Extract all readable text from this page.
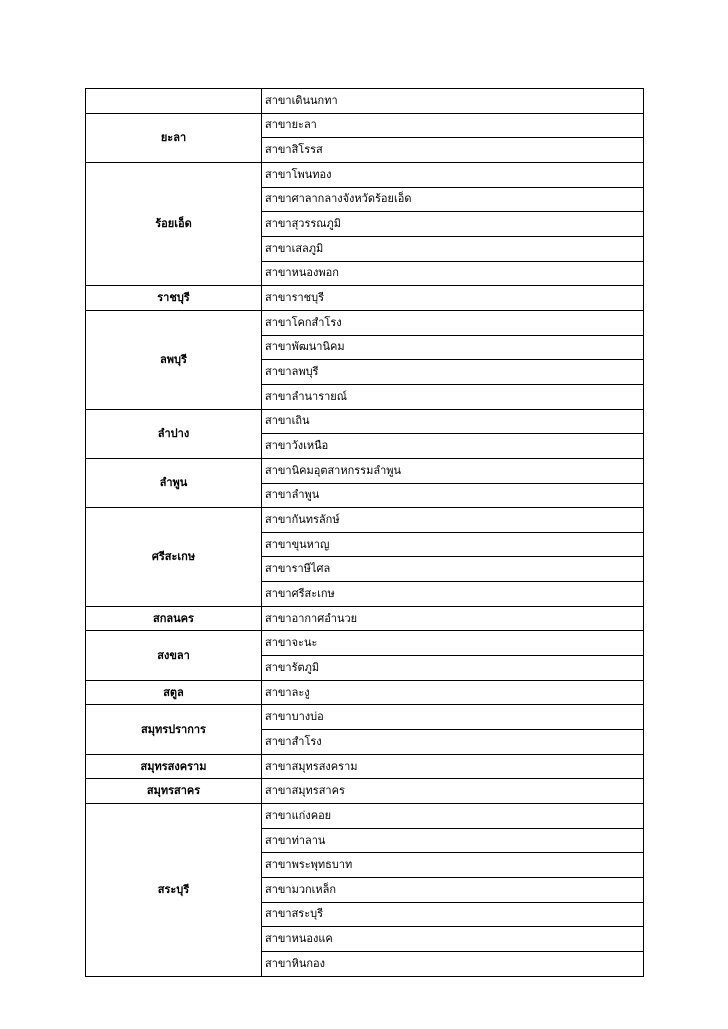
	สาขาเดินนกทา
ยะลา	สาขายะลา
	สาขาสิโรรส
ร้อยเอ็ด	สาขาโพนทอง
	สาขาศาลากลางจังหวัดร้อยเอ็ด
	สาขาสุวรรณภูมิ
	สาขาเสลภูมิ
	สาขาหนองพอก
ราชบุรี	สาขาราชบุรี
ลพบุรี	สาขาโคกสำโรง
	สาขาพัฒนานิคม
	สาขาลพบุรี
	สาขาลำนารายณ์
ลำปาง	สาขาเถิน
	สาขาวังเหนือ
ลำพูน	สาขานิคมอุตสาหกรรมลำพูน
	สาขาลำพูน
ศรีสะเกษ	สาขากันทรลักษ์
	สาขาขุนหาญ
	สาขาราษีไศล
	สาขาศรีสะเกษ
สกลนคร	สาขาอากาศอำนวย
สงขลา	สาขาจะนะ
	สาขารัตภูมิ
สตูล	สาขาละงู
สมุทรปราการ	สาขาบางบ่อ
	สาขาสำโรง
สมุทรสงคราม	สาขาสมุทรสงคราม
สมุทรสาคร	สาขาสมุทรสาคร
สระบุรี	สาขาแก่งคอย
	สาขาท่าลาน
	สาขาพระพุทธบาท
	สาขามวกเหล็ก
	สาขาสระบุรี
	สาขาหนองแค
	สาขาหินกอง
